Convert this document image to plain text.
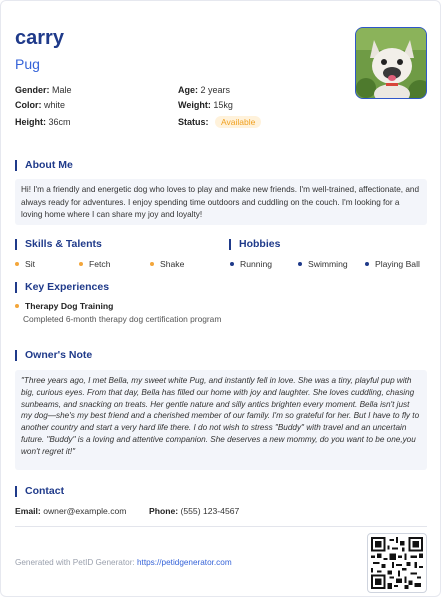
carry
Pug
Gender: Male	Age: 2 years
Color: white	Weight: 15kg
Height: 36cm	Status: Available
About Me
Hi! I'm a friendly and energetic dog who loves to play and make new friends. I'm well-trained, affectionate, and always ready for adventures. I enjoy spending time outdoors and cuddling on the couch. I'm looking for a loving home where I can share my joy and loyalty!
Skills & Talents	Hobbies
Sit	Fetch	Shake	Running	Swimming	Playing Ball
Key Experiences
Therapy Dog Training
Completed 6-month therapy dog certification program
Owner's Note
"Three years ago, I met Bella, my sweet white Pug, and instantly fell in love. She was a tiny, playful pup with big, curious eyes. From that day, Bella has filled our home with joy and laughter. She loves cuddling, chasing sunbeams, and snacking on treats. Her gentle nature and silly antics brighten every moment. Bella isn't just my dog—she's my best friend and a cherished member of our family. I'm so grateful for her. But I have to fly to another country and start a very hard life there. I do not wish to stress "Buddy" with travel and an uncertain future. "Buddy" is a loving and attentive companion. She deserves a new mommy, do you want to be one,you won't regret it!"
Contact
Email: owner@example.com	Phone: (555) 123-4567
Generated with PetID Generator: https://petidgenerator.com
